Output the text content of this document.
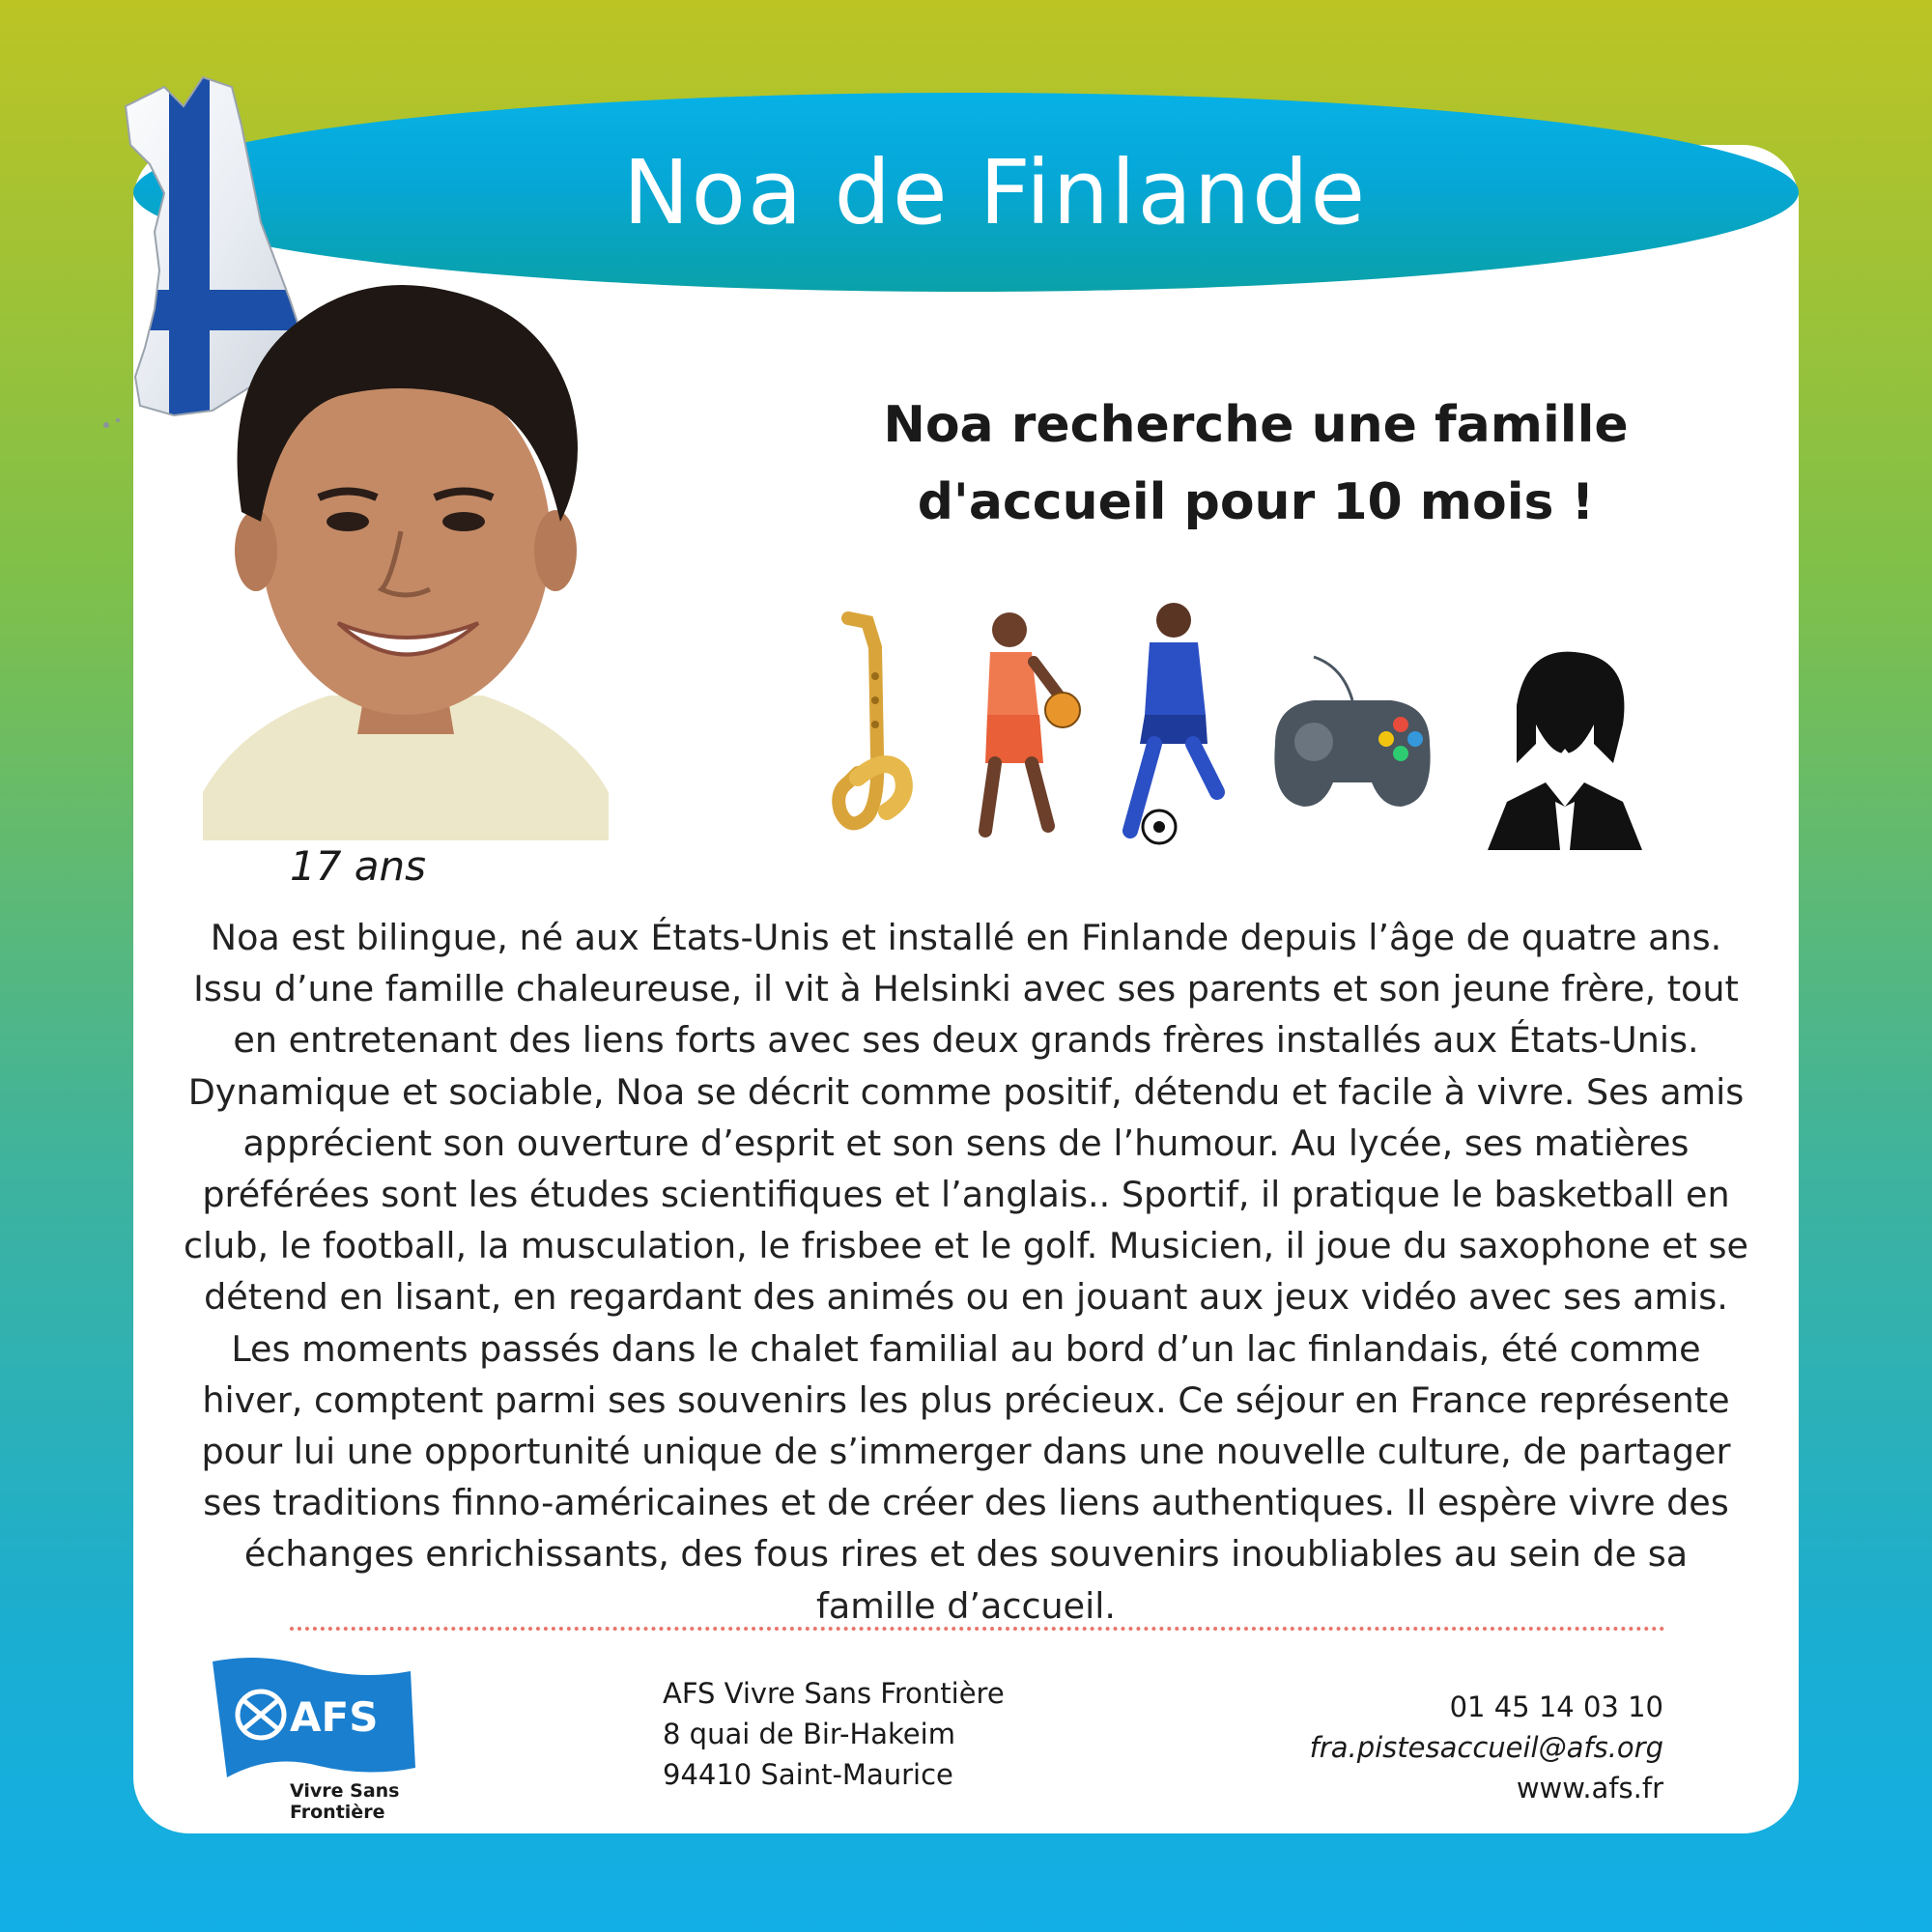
Noa de Finlande
17 ans
Noa recherche une famille
d'accueil pour 10 mois !
Noa est bilingue, né aux États-Unis et installé en Finlande depuis l’âge de quatre ans. Issu d’une famille chaleureuse, il vit à Helsinki avec ses parents et son jeune frère, tout en entretenant des liens forts avec ses deux grands frères installés aux États-Unis. Dynamique et sociable, Noa se décrit comme positif, détendu et facile à vivre. Ses amis apprécient son ouverture d’esprit et son sens de l’humour. Au lycée, ses matières préférées sont les études scientifiques et l’anglais.. Sportif, il pratique le basketball en club, le football, la musculation, le frisbee et le golf. Musicien, il joue du saxophone et se détend en lisant, en regardant des animés ou en jouant aux jeux vidéo avec ses amis. Les moments passés dans le chalet familial au bord d’un lac finlandais, été comme hiver, comptent parmi ses souvenirs les plus précieux. Ce séjour en France représente pour lui une opportunité unique de s’immerger dans une nouvelle culture, de partager ses traditions finno-américaines et de créer des liens authentiques. Il espère vivre des échanges enrichissants, des fous rires et des souvenirs inoubliables au sein de sa famille d’accueil.
AFS
Vivre Sans
Frontière
AFS Vivre Sans Frontière
8 quai de Bir-Hakeim
94410 Saint-Maurice
01 45 14 03 10
fra.pistesaccueil@afs.org
www.afs.fr
